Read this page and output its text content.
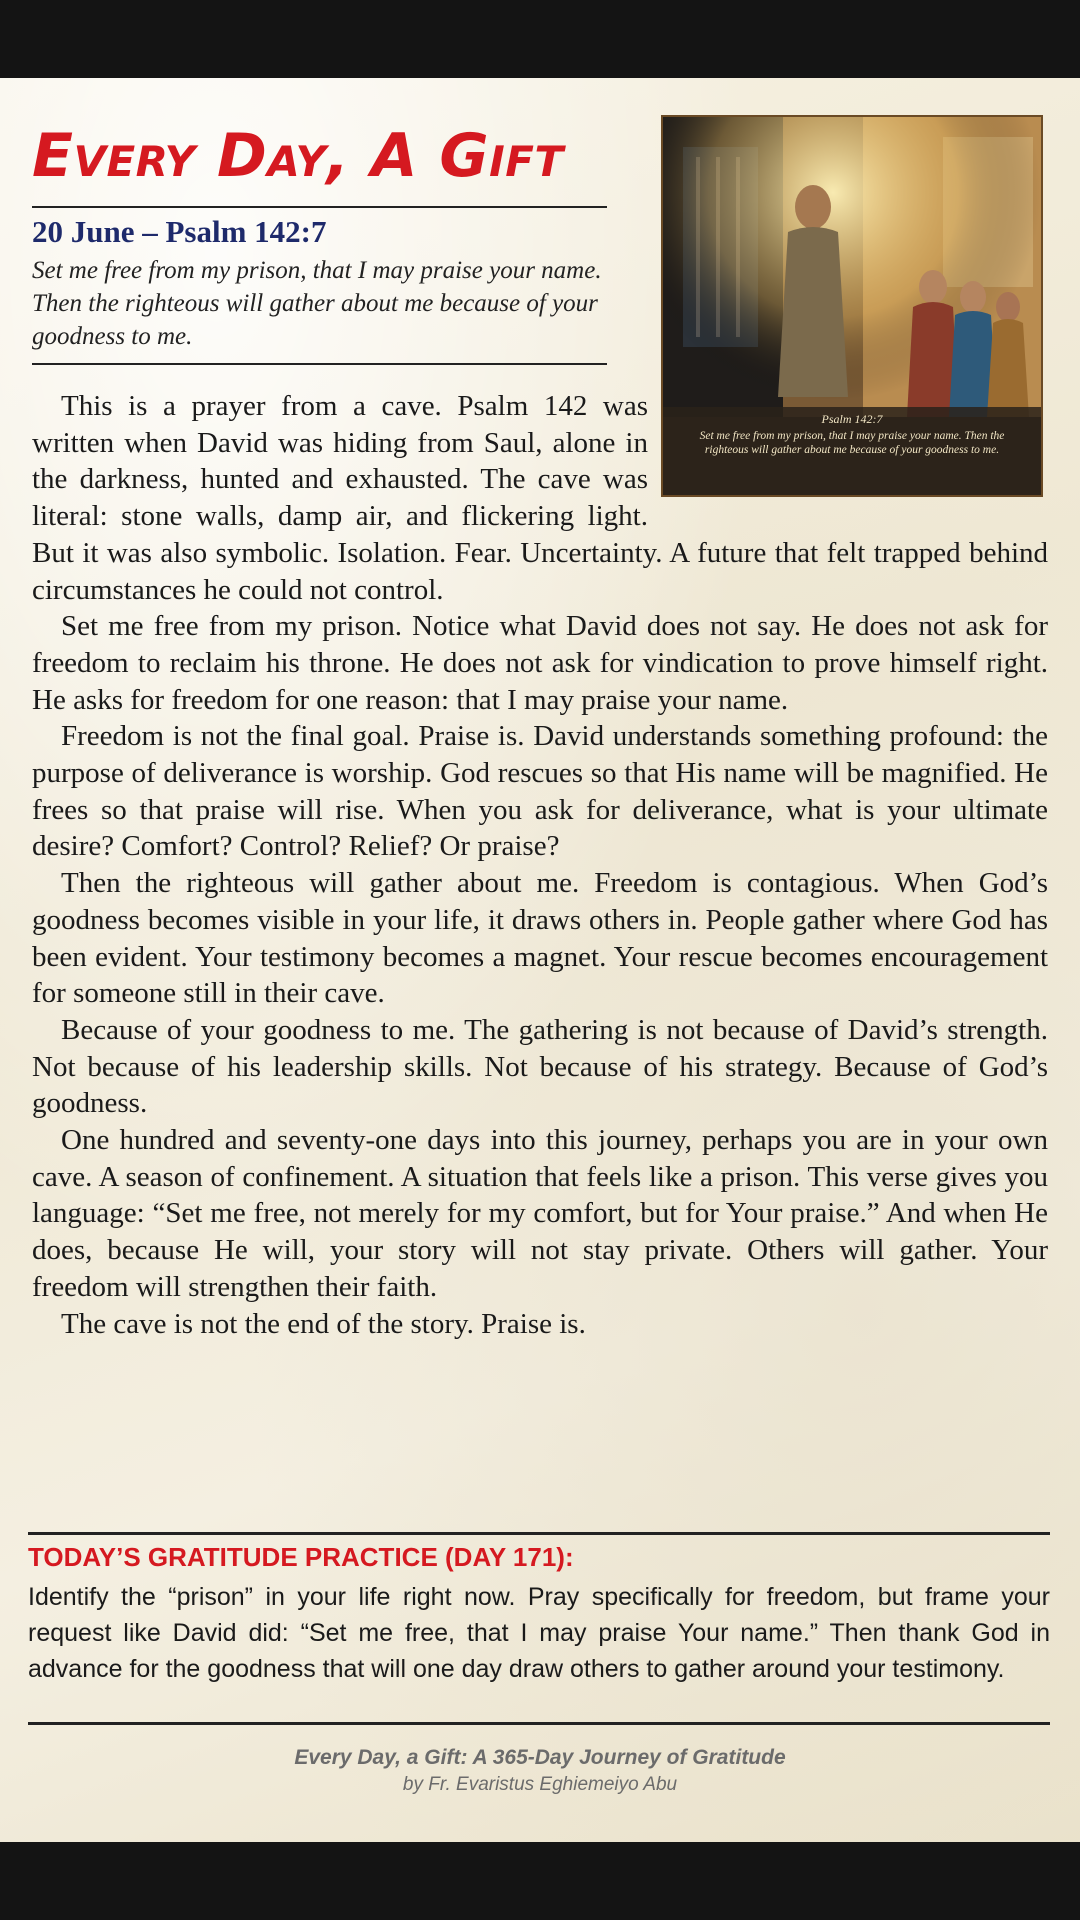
Every Day, A Gift
20 June – Psalm 142:7
Set me free from my prison, that I may praise your name. Then the righteous will gather about me because of your goodness to me.
Psalm 142:7
Set me free from my prison, that I may praise your name. Then the righteous will gather about me because of your goodness to me.

This is a prayer from a cave. Psalm 142 was written when David was hiding from Saul, alone in the darkness, hunted and exhausted. The cave was literal: stone walls, damp air, and flickering light. But it was also symbolic. Isolation. Fear. Uncertainty. A future that felt trapped behind circumstances he could not control.

Set me free from my prison. Notice what David does not say. He does not ask for freedom to reclaim his throne. He does not ask for vindication to prove himself right. He asks for freedom for one reason: that I may praise your name.

Freedom is not the final goal. Praise is. David understands something profound: the purpose of deliverance is worship. God rescues so that His name will be magnified. He frees so that praise will rise. When you ask for deliverance, what is your ultimate desire? Comfort? Control? Relief? Or praise?

Then the righteous will gather about me. Freedom is contagious. When God’s goodness becomes visible in your life, it draws others in. People gather where God has been evident. Your testimony becomes a magnet. Your rescue becomes encouragement for someone still in their cave.

Because of your goodness to me. The gathering is not because of David’s strength. Not because of his leadership skills. Not because of his strategy. Because of God’s goodness.

One hundred and seventy-one days into this journey, perhaps you are in your own cave. A season of confinement. A situation that feels like a prison. This verse gives you language: “Set me free, not merely for my comfort, but for Your praise.” And when He does, because He will, your story will not stay private. Others will gather. Your freedom will strengthen their faith.

The cave is not the end of the story. Praise is.

TODAY’S GRATITUDE PRACTICE (DAY 171):
Identify the “prison” in your life right now. Pray specifically for freedom, but frame your request like David did: “Set me free, that I may praise Your name.” Then thank God in advance for the goodness that will one day draw others to gather around your testimony.
Every Day, a Gift: A 365-Day Journey of Gratitude
by Fr. Evaristus Eghiemeiyo Abu
